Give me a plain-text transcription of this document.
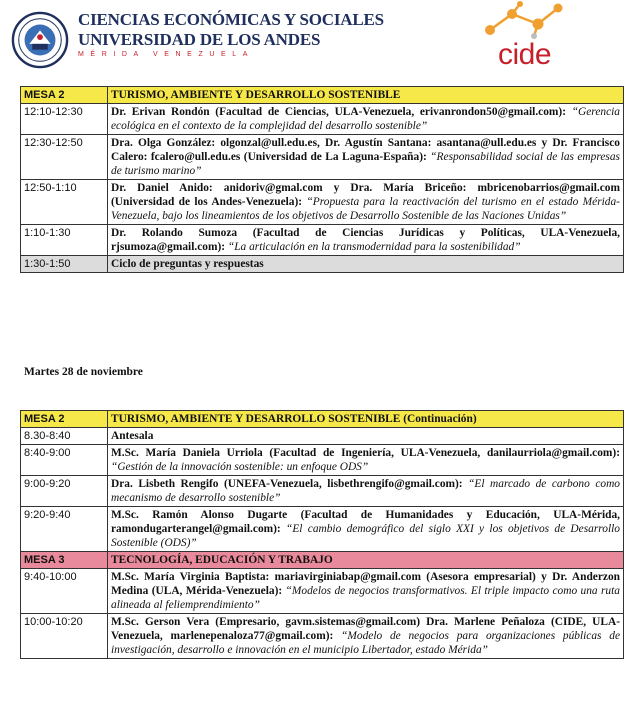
CIENCIAS ECONÓMICAS Y SOCIALES
UNIVERSIDAD DE LOS ANDES
MÉRIDA VENEZUELA	cide
MESA 2	TURISMO, AMBIENTE Y DESARROLLO SOSTENIBLE
12:10-12:30	Dr. Erivan Rondón (Facultad de Ciencias, ULA-Venezuela, erivanrondon50@gmail.com): “Gerencia ecológica en el contexto de la complejidad del desarrollo sostenible”
12:30-12:50	Dra. Olga González: olgonzal@ull.edu.es, Dr. Agustín Santana: asantana@ull.edu.es y Dr. Francisco Calero: fcalero@ull.edu.es (Universidad de La Laguna-España): “Responsabilidad social de las empresas de turismo marino”
12:50-1:10	Dr. Daniel Anido: anidoriv@gmal.com y Dra. María Briceño: mbricenobarrios@gmail.com (Universidad de los Andes-Venezuela): “Propuesta para la reactivación del turismo en el estado Mérida-Venezuela, bajo los lineamientos de los objetivos de Desarrollo Sostenible de las Naciones Unidas”
1:10-1:30	Dr. Rolando Sumoza (Facultad de Ciencias Jurídicas y Políticas, ULA-Venezuela, rjsumoza@gmail.com): “La articulación en la transmodernidad para la sostenibilidad”
1:30-1:50	Ciclo de preguntas y respuestas
Martes 28 de noviembre
MESA 2	TURISMO, AMBIENTE Y DESARROLLO SOSTENIBLE (Continuación)
8.30-8:40	Antesala
8:40-9:00	M.Sc. María Daniela Urriola (Facultad de Ingeniería, ULA-Venezuela, danilaurriola@gmail.com): “Gestión de la innovación sostenible: un enfoque ODS”
9:00-9:20	Dra. Lisbeth Rengifo (UNEFA-Venezuela, lisbethrengifo@gmail.com): “El marcado de carbono como mecanismo de desarrollo sostenible”
9:20-9:40	M.Sc. Ramón Alonso Dugarte (Facultad de Humanidades y Educación, ULA-Mérida, ramondugarterangel@gmail.com): “El cambio demográfico del siglo XXI y los objetivos de Desarrollo Sostenible (ODS)”
MESA 3	TECNOLOGÍA, EDUCACIÓN Y TRABAJO
9:40-10:00	M.Sc. María Virginia Baptista: mariavirginiabap@gmail.com (Asesora empresarial) y Dr. Anderzon Medina (ULA, Mérida-Venezuela): “Modelos de negocios transformativos. El triple impacto como una ruta alineada al feliemprendimiento”
10:00-10:20	M.Sc. Gerson Vera (Empresario, gavm.sistemas@gmail.com) Dra. Marlene Peñaloza (CIDE, ULA-Venezuela, marlenepenaloza77@gmail.com): “Modelo de negocios para organizaciones públicas de investigación, desarrollo e innovación en el municipio Libertador, estado Mérida”
